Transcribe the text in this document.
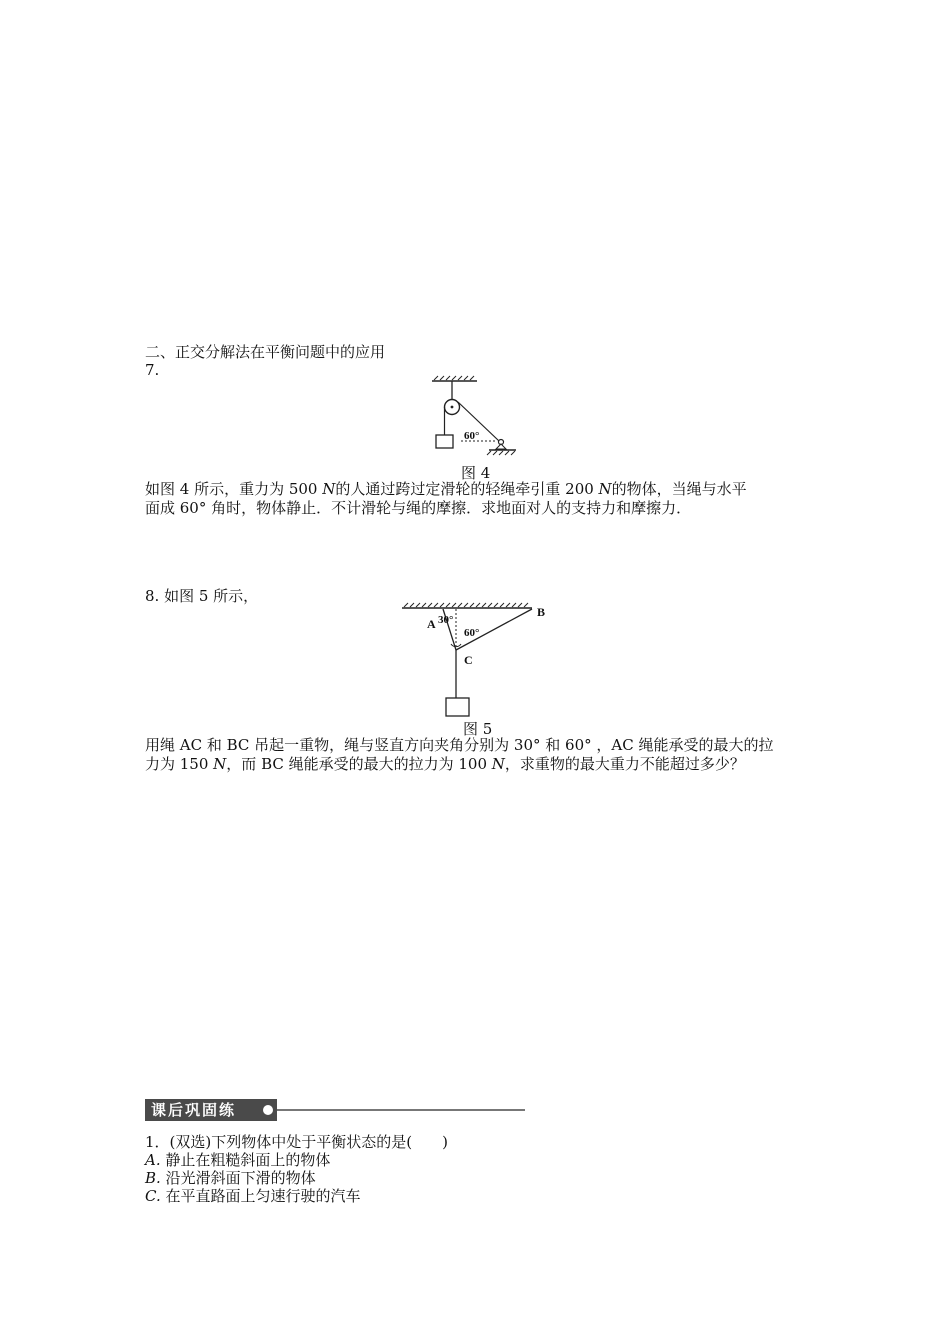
二、正交分解法在平衡问题中的应用
7.
60°
图 4
如图 4 所示，重力为 500 N的人通过跨过定滑轮的轻绳牵引重 200 N的物体，当绳与水平
面成 60° 角时，物体静止．不计滑轮与绳的摩擦．求地面对人的支持力和摩擦力．
8. 如图 5 所示，
A
B
C
30°
60°
图 5
用绳 AC 和 BC 吊起一重物，绳与竖直方向夹角分别为 30° 和 60° ，AC 绳能承受的最大的拉
力为 150 N，而 BC 绳能承受的最大的拉力为 100 N，求重物的最大重力不能超过多少？
课后巩固练
1．(双选)下列物体中处于平衡状态的是(　　)
A. 静止在粗糙斜面上的物体
B. 沿光滑斜面下滑的物体
C. 在平直路面上匀速行驶的汽车
